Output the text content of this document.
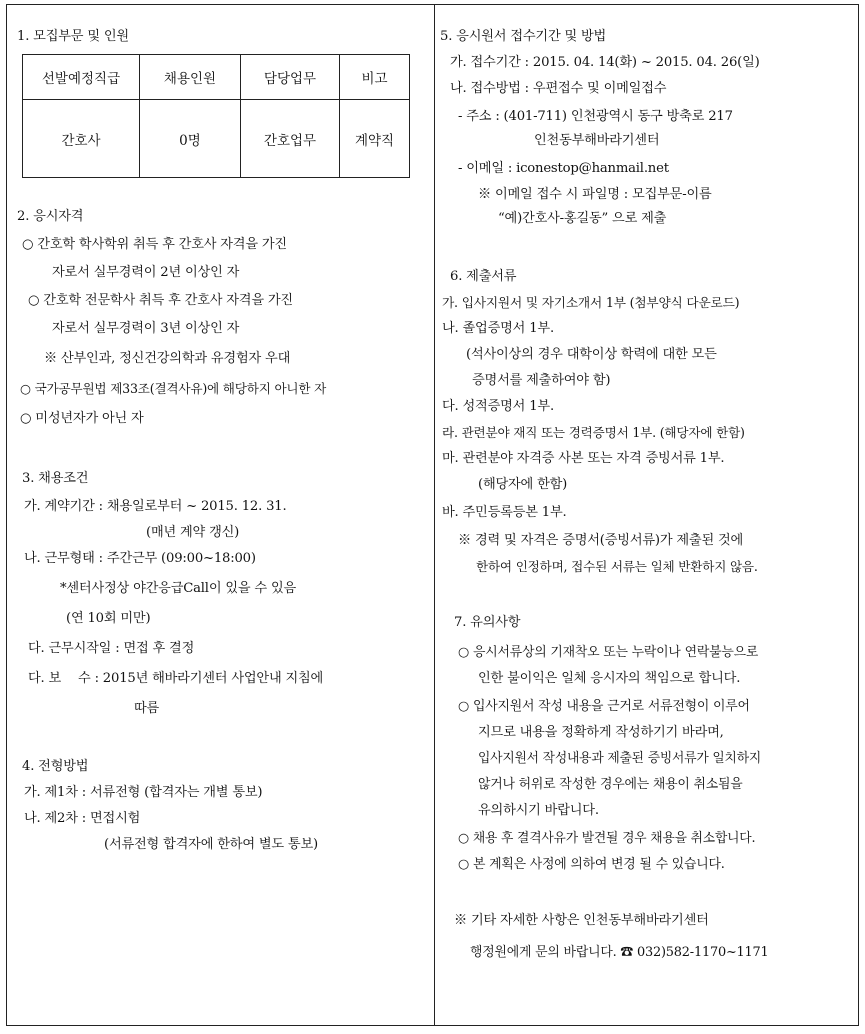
1. 모집부문 및 인원
선발예정직급	채용인원	담당업무	비고
간호사	0명	간호업무	계약직
2. 응시자격
○ 간호학 학사학위 취득 후 간호사 자격을 가진
자로서 실무경력이 2년 이상인 자
○ 간호학 전문학사 취득 후 간호사 자격을 가진
자로서 실무경력이 3년 이상인 자
※ 산부인과, 정신건강의학과 유경험자 우대
○ 국가공무원법 제33조(결격사유)에 해당하지 아니한 자
○ 미성년자가 아닌 자
3. 채용조건
가. 계약기간 : 채용일로부터 ~ 2015. 12. 31.
(매년 계약 갱신)
나. 근무형태 : 주간근무 (09:00~18:00)
*센터사정상 야간응급Call이 있을 수 있음
(연 10회 미만)
다. 근무시작일 : 면접 후 결정
다. 보　 수 : 2015년 해바라기센터 사업안내 지침에
따름
4. 전형방법
가. 제1차 : 서류전형 (합격자는 개별 통보)
나. 제2차 : 면접시험
(서류전형 합격자에 한하여 별도 통보)
5. 응시원서 접수기간 및 방법
가. 접수기간 : 2015. 04. 14(화) ~ 2015. 04. 26(일)
나. 접수방법 : 우편접수 및 이메일접수
- 주소 : (401-711) 인천광역시 동구 방축로 217
인천동부해바라기센터
- 이메일 : iconestop@hanmail.net
※ 이메일 접수 시 파일명 : 모집부문-이름
“예)간호사-홍길동” 으로 제출
6. 제출서류
가. 입사지원서 및 자기소개서 1부 (첨부양식 다운로드)
나. 졸업증명서 1부.
(석사이상의 경우 대학이상 학력에 대한 모든
증명서를 제출하여야 함)
다. 성적증명서 1부.
라. 관련분야 재직 또는 경력증명서 1부. (해당자에 한함)
마. 관련분야 자격증 사본 또는 자격 증빙서류 1부.
(해당자에 한함)
바. 주민등록등본 1부.
※ 경력 및 자격은 증명서(증빙서류)가 제출된 것에
한하여 인정하며, 접수된 서류는 일체 반환하지 않음.
7. 유의사항
○ 응시서류상의 기재착오 또는 누락이나 연락불능으로
인한 불이익은 일체 응시자의 책임으로 합니다.
○ 입사지원서 작성 내용을 근거로 서류전형이 이루어
지므로 내용을 정확하게 작성하기기 바라며,
입사지원서 작성내용과 제출된 증빙서류가 일치하지
않거나 허위로 작성한 경우에는 채용이 취소됨을
유의하시기 바랍니다.
○ 채용 후 결격사유가 발견될 경우 채용을 취소합니다.
○ 본 계획은 사정에 의하여 변경 될 수 있습니다.
※ 기타 자세한 사항은 인천동부해바라기센터
행정원에게 문의 바랍니다. ☎ 032)582-1170~1171
